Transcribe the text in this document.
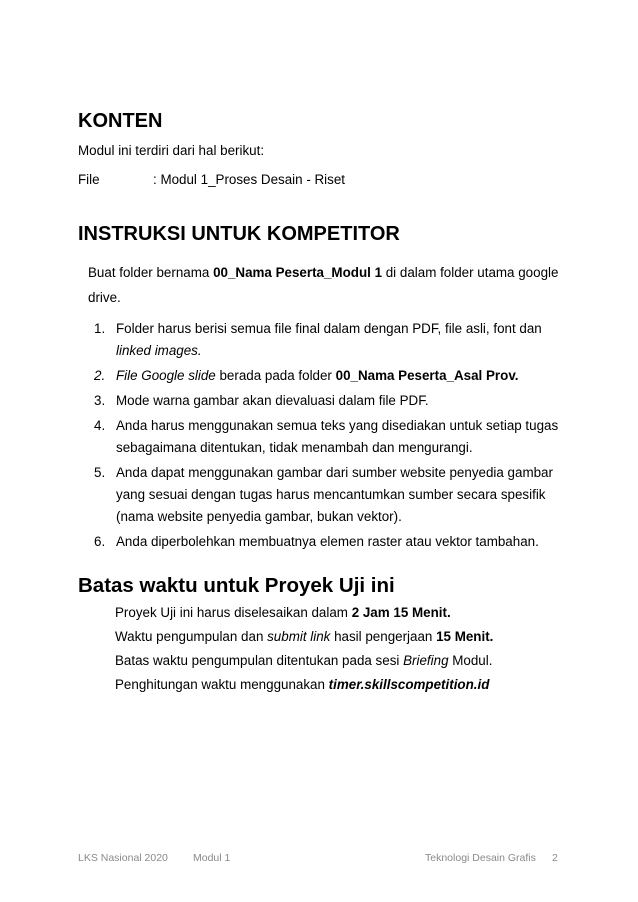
KONTEN
Modul ini terdiri dari hal berikut:
File	: Modul 1_Proses Desain - Riset
INSTRUKSI UNTUK KOMPETITOR
Buat folder bernama 00_Nama Peserta_Modul 1 di dalam folder utama google
drive.
1. Folder harus berisi semua file final dalam dengan PDF, file asli, font dan
linked images.
2. File Google slide berada pada folder 00_Nama Peserta_Asal Prov.
3. Mode warna gambar akan dievaluasi dalam file PDF.
4. Anda harus menggunakan semua teks yang disediakan untuk setiap tugas
sebagaimana ditentukan, tidak menambah dan mengurangi.
5. Anda dapat menggunakan gambar dari sumber website penyedia gambar
yang sesuai dengan tugas harus mencantumkan sumber secara spesifik
(nama website penyedia gambar, bukan vektor).
6. Anda diperbolehkan membuatnya elemen raster atau vektor tambahan.
Batas waktu untuk Proyek Uji ini
Proyek Uji ini harus diselesaikan dalam 2 Jam 15 Menit.
Waktu pengumpulan dan submit link hasil pengerjaan 15 Menit.
Batas waktu pengumpulan ditentukan pada sesi Briefing Modul.
Penghitungan waktu menggunakan timer.skillscompetition.id
LKS Nasional 2020 Modul 1	Teknologi Desain Grafis 2
